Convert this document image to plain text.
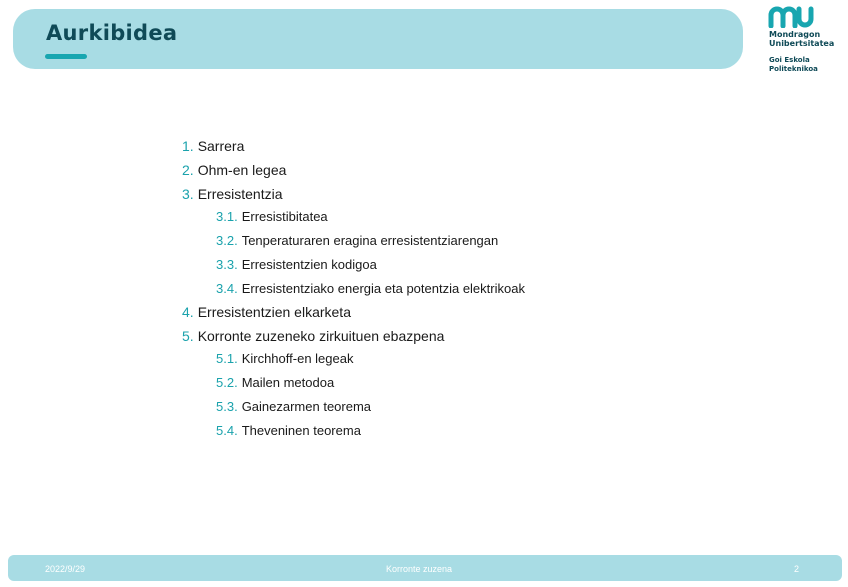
Aurkibidea	Mondragon
Unibertsitatea
Goi Eskola
Politeknikoa
1. Sarrera
2. Ohm-en legea
3. Erresistentzia
3.1. Erresistibitatea
3.2. Tenperaturaren eragina erresistentziarengan
3.3. Erresistentzien kodigoa
3.4. Erresistentziako energia eta potentzia elektrikoak
4. Erresistentzien elkarketa
5. Korronte zuzeneko zirkuituen ebazpena
5.1. Kirchhoff-en legeak
5.2. Mailen metodoa
5.3. Gainezarmen teorema
5.4. Theveninen teorema
2022/9/29	Korronte zuzena	2
